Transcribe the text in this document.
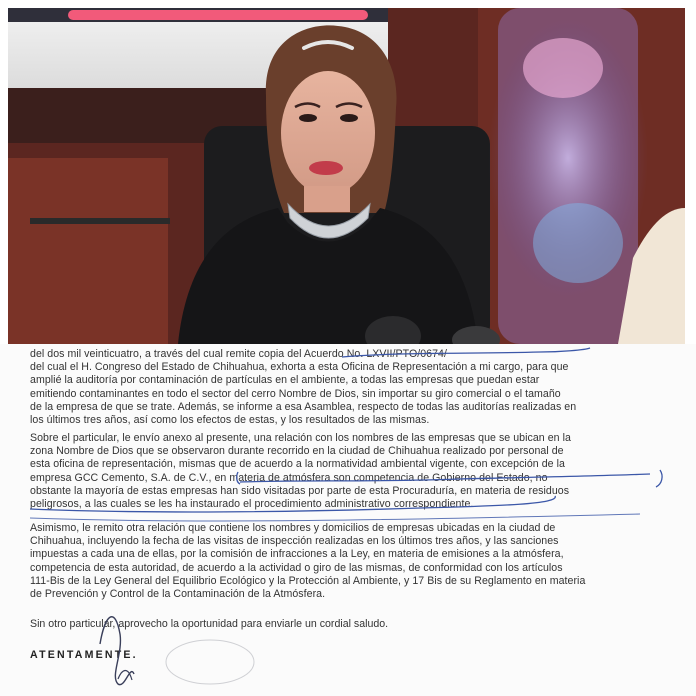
del dos mil veinticuatro, a través del cual remite copia del Acuerdo No. LXVII/PTO/0674/
del cual el H. Congreso del Estado de Chihuahua, exhorta a esta Oficina de Representación a mi cargo, para que
amplié la auditoría por contaminación de partículas en el ambiente, a todas las empresas que puedan estar
emitiendo contaminantes en todo el sector del cerro Nombre de Dios, sin importar su giro comercial o el tamaño
de la empresa de que se trate. Además, se informe a esa Asamblea, respecto de todas las auditorías realizadas en
los últimos tres años, así como los efectos de estas, y los resultados de las mismas.
Sobre el particular, le envío anexo al presente, una relación con los nombres de las empresas que se ubican en la
zona Nombre de Dios que se observaron durante recorrido en la ciudad de Chihuahua realizado por personal de
esta oficina de representación, mismas que de acuerdo a la normatividad ambiental vigente, con excepción de la
empresa GCC Cemento, S.A. de C.V., en materia de atmósfera son competencia de Gobierno del Estado, no
obstante la mayoría de estas empresas han sido visitadas por parte de esta Procuraduría, en materia de residuos
peligrosos, a las cuales se les ha instaurado el procedimiento administrativo correspondiente.
Asimismo, le remito otra relación que contiene los nombres y domicilios de empresas ubicadas en la ciudad de
Chihuahua, incluyendo la fecha de las visitas de inspección realizadas en los últimos tres años, y las sanciones
impuestas a cada una de ellas, por la comisión de infracciones a la Ley, en materia de emisiones a la atmósfera,
competencia de esta autoridad, de acuerdo a la actividad o giro de las mismas, de conformidad con los artículos
111-Bis de la Ley General del Equilibrio Ecológico y la Protección al Ambiente, y 17 Bis de su Reglamento en materia
de Prevención y Control de la Contaminación de la Atmósfera.

Sin otro particular, aprovecho la oportunidad para enviarle un cordial saludo.

ATENTAMENTE.
